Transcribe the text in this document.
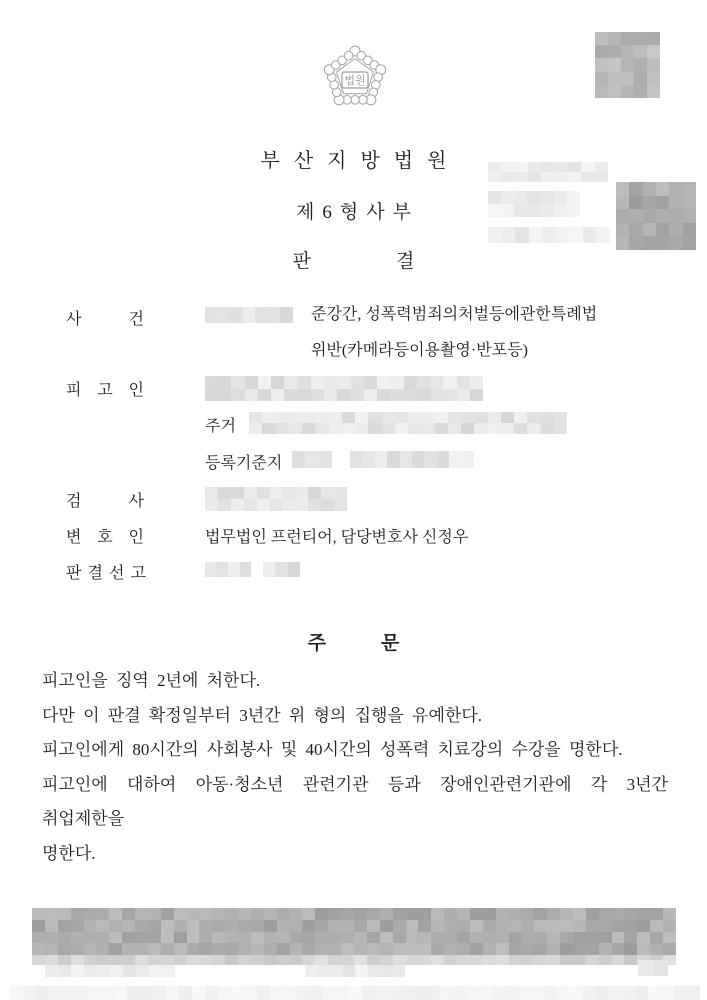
법원
부산지방법원
제6형사부
판결
사	건	준강간, 성폭력범죄의처벌등에관한특례법위반(카메라등이용촬영·반포등)
피 고 인
주거
등록기준지
검	사
변 호 인	법무법인 프런티어, 담당변호사 신정우
판 결 선 고
주문
피고인을 징역 2년에 처한다.
다만 이 판결 확정일부터 3년간 위 형의 집행을 유예한다.
피고인에게 80시간의 사회봉사 및 40시간의 성폭력 치료강의 수강을 명한다.
피고인에 대하여 아동·청소년 관련기관 등과 장애인관련기관에 각 3년간 취업제한을
명한다.
